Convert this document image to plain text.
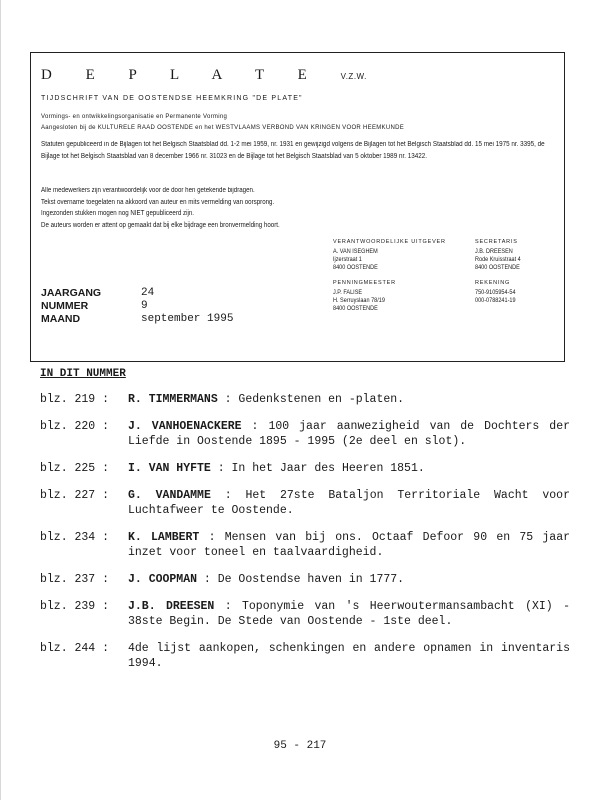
D E P L A T E V.Z.W.
TIJDSCHRIFT VAN DE OOSTENDSE HEEMKRING "DE PLATE"
Vormings- en ontwikkelingsorganisatie en Permanente Vorming
Aangesloten bij de KULTURELE RAAD OOSTENDE en het WESTVLAAMS VERBOND VAN KRINGEN VOOR HEEMKUNDE
Statuten gepubliceerd in de Bijlagen tot het Belgisch Staatsblad dd. 1-2 mei 1959, nr. 1931 en gewijzigd volgens de Bijlagen tot het Belgisch Staatsblad dd. 15 mei 1975 nr. 3395, de Bijlage tot het Belgisch Staatsblad van 8 december 1966 nr. 31023 en de Bijlage tot het Belgisch Staatsblad van 5 oktober 1989 nr. 13422.
Alle medewerkers zijn verantwoordelijk voor de door hen getekende bijdragen.
Tekst overname toegelaten na akkoord van auteur en mits vermelding van oorsprong.
Ingezonden stukken mogen nog NIET gepubliceerd zijn.
De auteurs worden er attent op gemaakt dat bij elke bijdrage een bronvermelding hoort.
VERANTWOORDELIJKE UITGEVER
A. VAN ISEGHEM
Ijzerstraat 1
8400 OOSTENDE
SECRETARIS
J.B. DREESEN
Rode Kruisstraat 4
8400 OOSTENDE
PENNINGMEESTER
J.P. FALISE
H. Serruyslaan 78/19
8400 OOSTENDE
REKENING
750-9105954-54
000-0788241-19
JAARGANG	24
NUMMER	9
MAAND	september 1995
IN DIT NUMMER
blz. 219 :	R. TIMMERMANS : Gedenkstenen en -platen.
blz. 220 :	J. VANHOENACKERE : 100 jaar aanwezigheid van de Dochters der Liefde in Oostende 1895 - 1995 (2e deel en slot).
blz. 225 :	I. VAN HYFTE : In het Jaar des Heeren 1851.
blz. 227 :	G. VANDAMME : Het 27ste Bataljon Territoriale Wacht voor Luchtafweer te Oostende.
blz. 234 :	K. LAMBERT : Mensen van bij ons. Octaaf Defoor 90 en 75 jaar inzet voor toneel en taalvaardigheid.
blz. 237 :	J. COOPMAN : De Oostendse haven in 1777.
blz. 239 :	J.B. DREESEN : Toponymie van 's Heerwoutermansambacht (XI) - 38ste Begin. De Stede van Oostende - 1ste deel.
blz. 244 :	4de lijst aankopen, schenkingen en andere opnamen in inventaris 1994.
95 - 217
